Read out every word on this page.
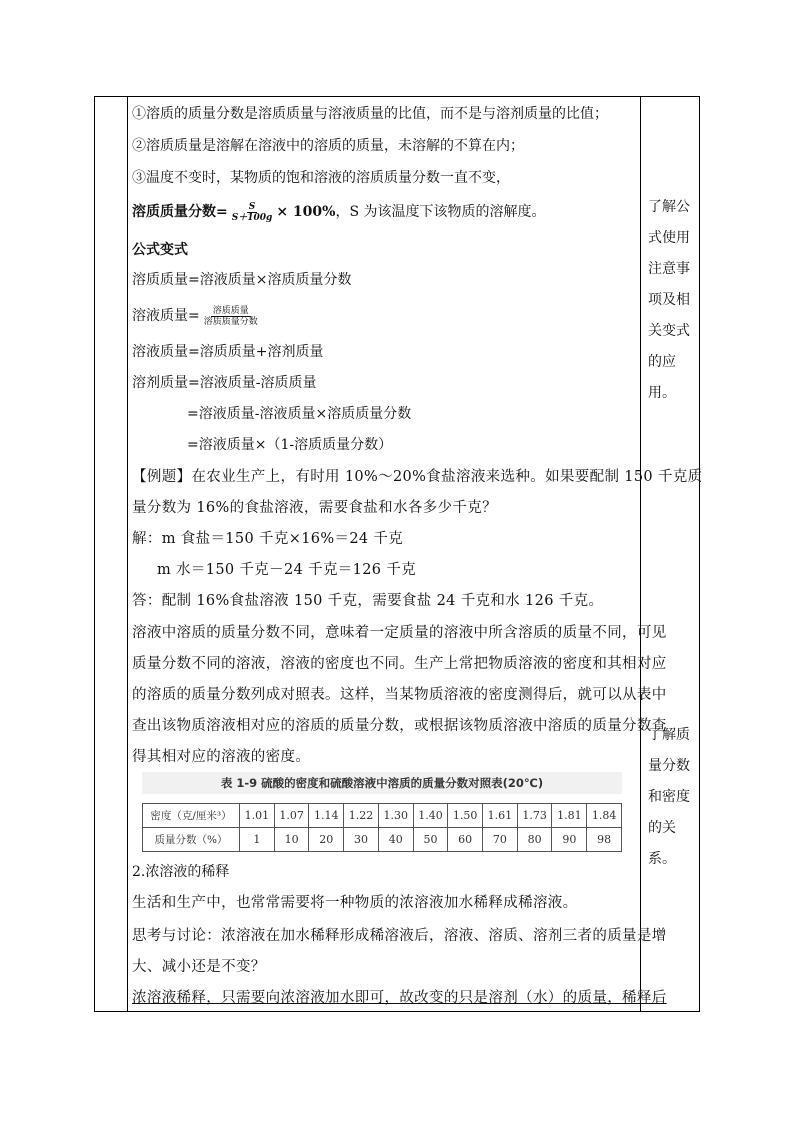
①溶质的质量分数是溶质质量与溶液质量的比值，而不是与溶剂质量的比值；
②溶质质量是溶解在溶液中的溶质的质量，未溶解的不算在内；
③温度不变时，某物质的饱和溶液的溶质质量分数一直不变，
溶质质量分数= $\frac{S}{S+100g} \times 100\%$，S 为该温度下该物质的溶解度。
公式变式
溶质质量=溶液质量×溶质质量分数
溶液质量= $\frac{\text{溶质质量}}{\text{溶质质量分数}}$
溶液质量=溶质质量+溶剂质量
溶剂质量=溶液质量-溶质质量
=溶液质量-溶液质量×溶质质量分数
=溶液质量×（1-溶质质量分数）
【例题】在农业生产上，有时用 10%～20%食盐溶液来选种。如果要配制 150 千克质
量分数为 16%的食盐溶液，需要食盐和水各多少千克？
解：m 食盐＝150 千克×16%＝24 千克
m 水＝150 千克－24 千克＝126 千克
答：配制 16%食盐溶液 150 千克，需要食盐 24 千克和水 126 千克。
溶液中溶质的质量分数不同，意味着一定质量的溶液中所含溶质的质量不同，可见
质量分数不同的溶液，溶液的密度也不同。生产上常把物质溶液的密度和其相对应
的溶质的质量分数列成对照表。这样，当某物质溶液的密度测得后，就可以从表中
查出该物质溶液相对应的溶质的质量分数，或根据该物质溶液中溶质的质量分数查
得其相对应的溶液的密度。
表 1-9 硫酸的密度和硫酸溶液中溶质的质量分数对照表(20℃)
密度（克/厘米³）	1.01	1.07	1.14	1.22	1.30	1.40	1.50	1.61	1.73	1.81	1.84
质量分数（%）	1	10	20	30	40	50	60	70	80	90	98
2.浓溶液的稀释
生活和生产中，也常常需要将一种物质的浓溶液加水稀释成稀溶液。
思考与讨论：浓溶液在加水稀释形成稀溶液后，溶液、溶质、溶剂三者的质量是增
大、减小还是不变？
浓溶液稀释，只需要向浓溶液加水即可，故改变的只是溶剂（水）的质量，稀释后
了解公
式使用
注意事
项及相
关变式
的应
用。
了解质
量分数
和密度
的关
系。
